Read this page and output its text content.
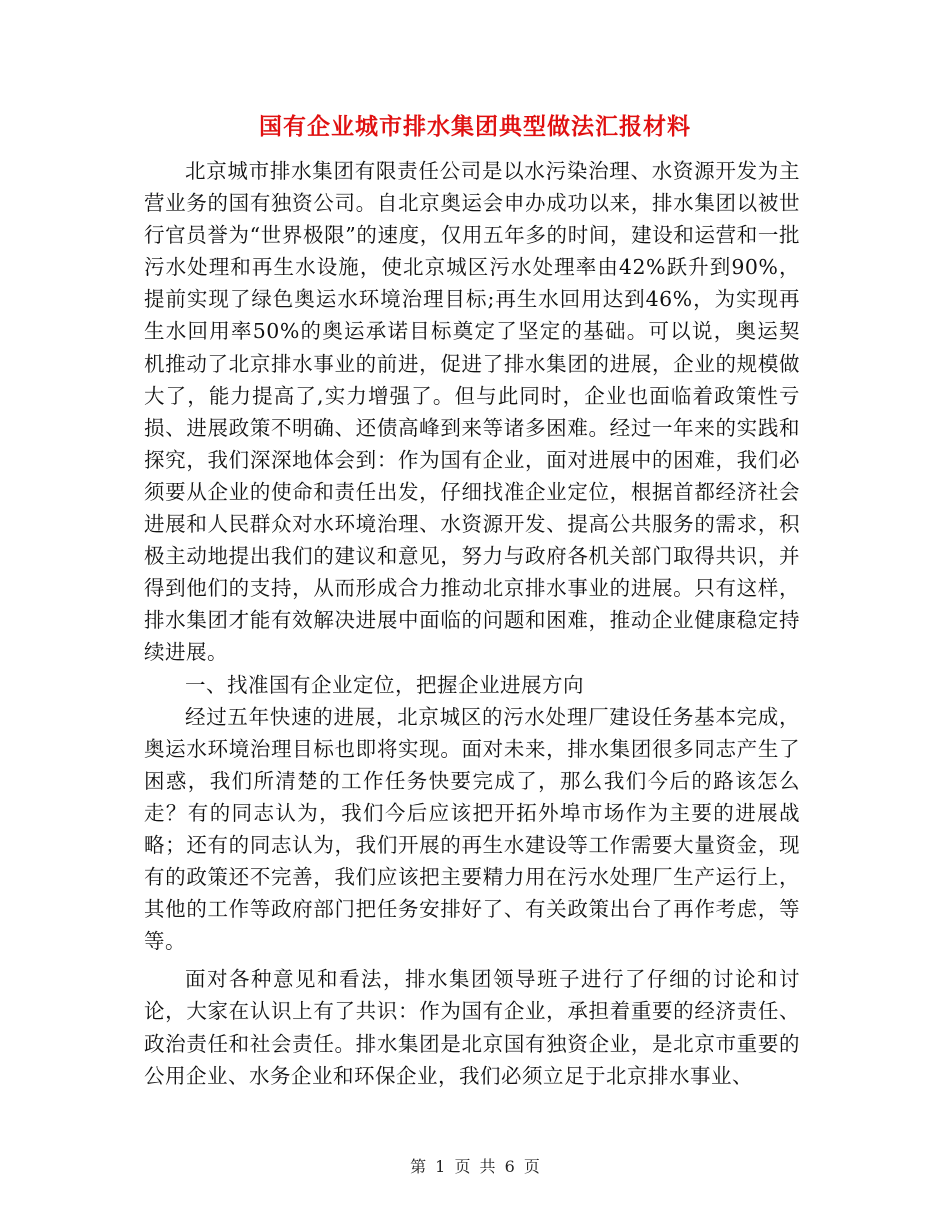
国有企业城市排水集团典型做法汇报材料

北京城市排水集团有限责任公司是以水污染治理、水资源开发为主营业务的国有独资公司。自北京奥运会申办成功以来，排水集团以被世行官员誉为“世界极限”的速度，仅用五年多的时间，建设和运营和一批污水处理和再生水设施，使北京城区污水处理率由42%跃升到90%，提前实现了绿色奥运水环境治理目标;再生水回用达到46%，为实现再生水回用率50%的奥运承诺目标奠定了坚定的基础。可以说，奥运契机推动了北京排水事业的前进，促进了排水集团的进展，企业的规模做大了，能力提高了,实力增强了。但与此同时，企业也面临着政策性亏损、进展政策不明确、还债高峰到来等诸多困难。经过一年来的实践和探究，我们深深地体会到：作为国有企业，面对进展中的困难，我们必须要从企业的使命和责任出发，仔细找准企业定位，根据首都经济社会进展和人民群众对水环境治理、水资源开发、提高公共服务的需求，积极主动地提出我们的建议和意见，努力与政府各机关部门取得共识，并得到他们的支持，从而形成合力推动北京排水事业的进展。只有这样，排水集团才能有效解决进展中面临的问题和困难，推动企业健康稳定持续进展。

一、找准国有企业定位，把握企业进展方向

经过五年快速的进展，北京城区的污水处理厂建设任务基本完成，奥运水环境治理目标也即将实现。面对未来，排水集团很多同志产生了困惑，我们所清楚的工作任务快要完成了，那么我们今后的路该怎么走？有的同志认为，我们今后应该把开拓外埠市场作为主要的进展战略；还有的同志认为，我们开展的再生水建设等工作需要大量资金，现有的政策还不完善，我们应该把主要精力用在污水处理厂生产运行上，其他的工作等政府部门把任务安排好了、有关政策出台了再作考虑，等等。

面对各种意见和看法，排水集团领导班子进行了仔细的讨论和讨论，大家在认识上有了共识：作为国有企业，承担着重要的经济责任、政治责任和社会责任。排水集团是北京国有独资企业，是北京市重要的公用企业、水务企业和环保企业，我们必须立足于北京排水事业、

第 1 页 共 6 页
